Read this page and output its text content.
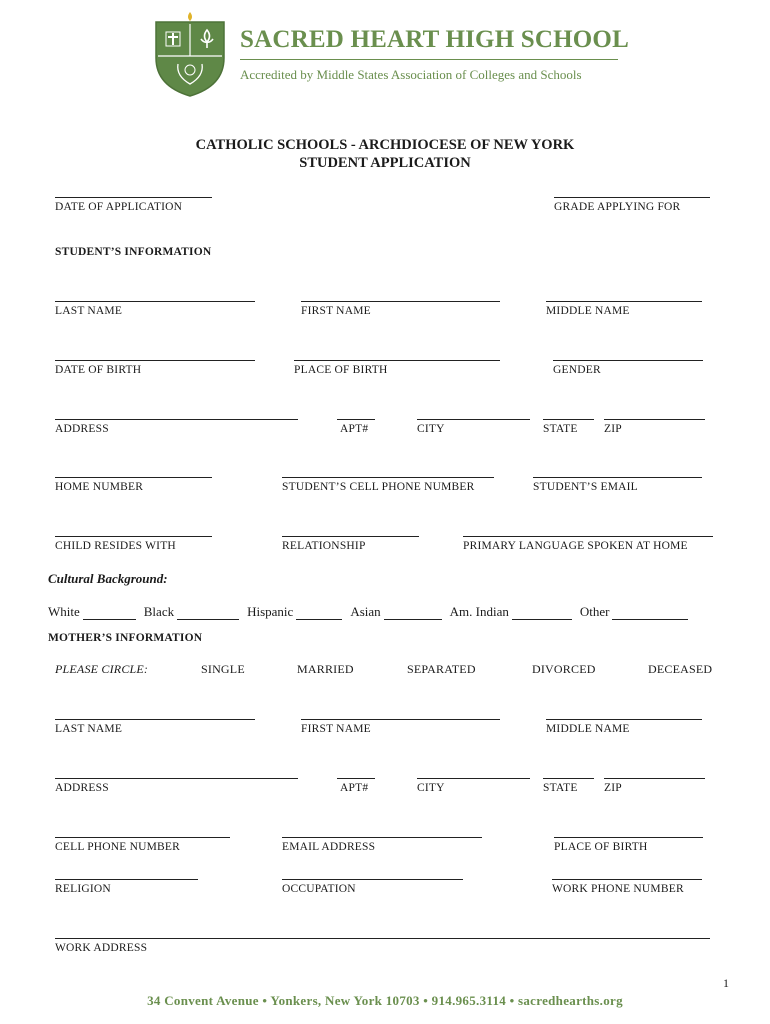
SACRED HEART HIGH SCHOOL
Accredited by Middle States Association of Colleges and Schools
CATHOLIC SCHOOLS - ARCHDIOCESE OF NEW YORK
STUDENT APPLICATION
DATE OF APPLICATION	GRADE APPLYING FOR
STUDENT’S INFORMATION
LAST NAME	FIRST NAME	MIDDLE NAME
DATE OF BIRTH	PLACE OF BIRTH	GENDER
ADDRESS	APT#	CITY	STATE	ZIP
HOME NUMBER	STUDENT’S CELL PHONE NUMBER	STUDENT’S EMAIL
CHILD RESIDES WITH	RELATIONSHIP	PRIMARY LANGUAGE SPOKEN AT HOME
Cultural Background:
White	Black	Hispanic	Asian	Am. Indian	Other
MOTHER’S INFORMATION
PLEASE CIRCLE:	SINGLE	MARRIED	SEPARATED	DIVORCED	DECEASED
LAST NAME	FIRST NAME	MIDDLE NAME
ADDRESS	APT#	CITY	STATE	ZIP
CELL PHONE NUMBER	EMAIL ADDRESS	PLACE OF BIRTH
RELIGION	OCCUPATION	WORK PHONE NUMBER
WORK ADDRESS
1
34 Convent Avenue • Yonkers, New York 10703 • 914.965.3114 • sacredhearths.org
